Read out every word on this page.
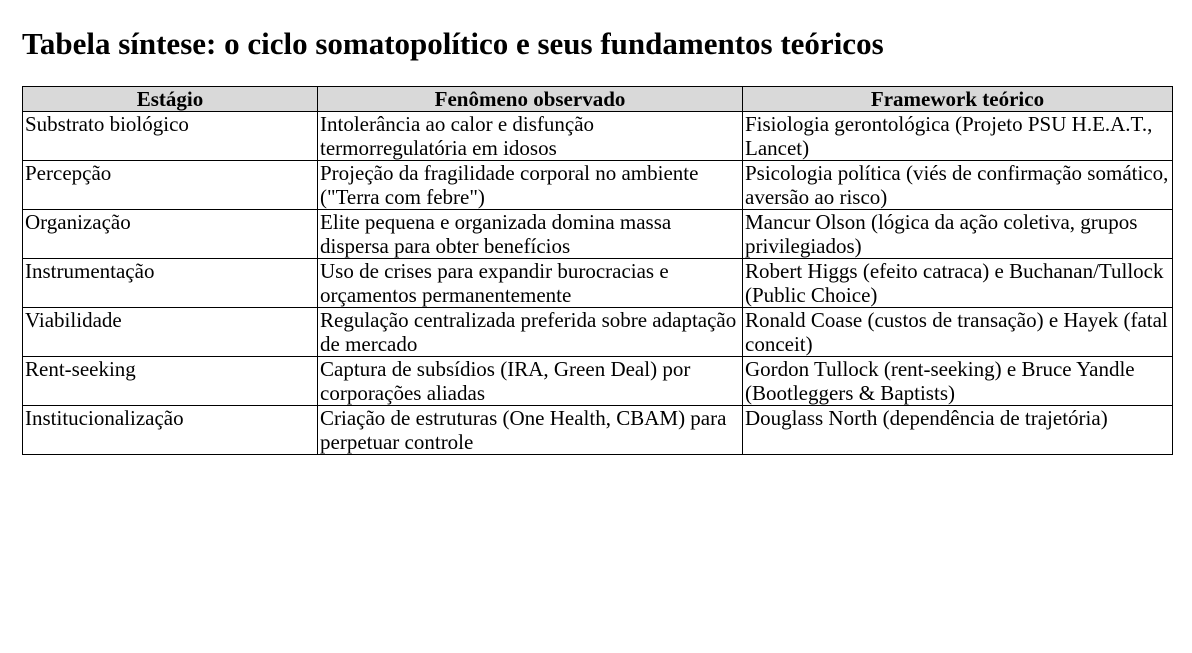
Tabela síntese: o ciclo somatopolítico e seus fundamentos teóricos
Estágio	Fenômeno observado	Framework teórico
Substrato biológico	Intolerância ao calor e disfunção termorregulatória em idosos	Fisiologia gerontológica (Projeto PSU H.E.A.T., Lancet)
Percepção	Projeção da fragilidade corporal no ambiente ("Terra com febre")	Psicologia política (viés de confirmação somático, aversão ao risco)
Organização	Elite pequena e organizada domina massa dispersa para obter benefícios	Mancur Olson (lógica da ação coletiva, grupos privilegiados)
Instrumentação	Uso de crises para expandir burocracias e orçamentos permanentemente	Robert Higgs (efeito catraca) e Buchanan/Tullock (Public Choice)
Viabilidade	Regulação centralizada preferida sobre adaptação de mercado	Ronald Coase (custos de transação) e Hayek (fatal conceit)
Rent-seeking	Captura de subsídios (IRA, Green Deal) por corporações aliadas	Gordon Tullock (rent-seeking) e Bruce Yandle (Bootleggers & Baptists)
Institucionalização	Criação de estruturas (One Health, CBAM) para perpetuar controle	Douglass North (dependência de trajetória)
